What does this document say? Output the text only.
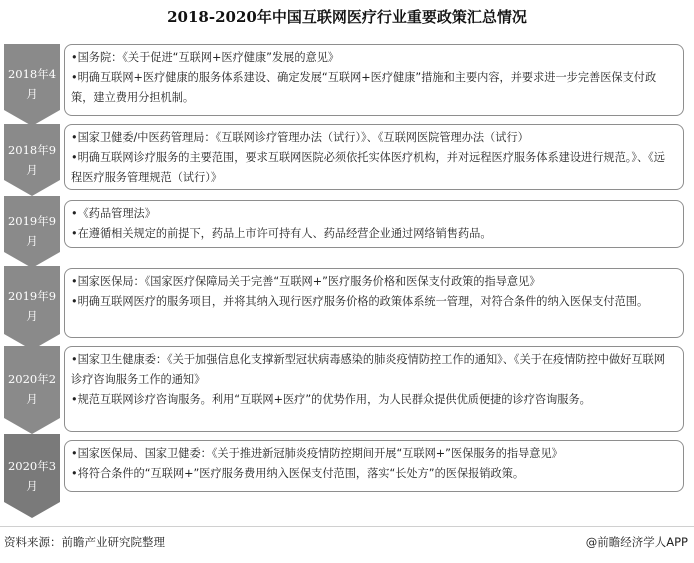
2018-2020年中国互联网医疗行业重要政策汇总情况
2018年4
月
2018年9
月
2019年9
月
2019年9
月
2020年2
月
2020年3
月
•国务院：《关于促进“互联网+医疗健康”发展的意见》
•明确互联网+医疗健康的服务体系建设、确定发展“互联网+医疗健康”措施和主要内容，并要求进一步完善医保支付政策，建立费用分担机制。
•国家卫健委/中医药管理局：《互联网诊疗管理办法（试行）》、《互联网医院管理办法（试行）
•明确互联网诊疗服务的主要范围，要求互联网医院必须依托实体医疗机构，并对远程医疗服务体系建设进行规范。》、《远程医疗服务管理规范（试行）》
•《药品管理法》
•在遵循相关规定的前提下，药品上市许可持有人、药品经营企业通过网络销售药品。
•国家医保局：《国家医疗保障局关于完善“互联网+”医疗服务价格和医保支付政策的指导意见》
•明确互联网医疗的服务项目，并将其纳入现行医疗服务价格的政策体系统一管理，对符合条件的纳入医保支付范围。
•国家卫生健康委：《关于加强信息化支撑新型冠状病毒感染的肺炎疫情防控工作的通知》、《关于在疫情防控中做好互联网诊疗咨询服务工作的通知》
•规范互联网诊疗咨询服务。利用“互联网+医疗”的优势作用，为人民群众提供优质便捷的诊疗咨询服务。
•国家医保局、国家卫健委：《关于推进新冠肺炎疫情防控期间开展“互联网+”医保服务的指导意见》
•将符合条件的“互联网+”医疗服务费用纳入医保支付范围，落实“长处方”的医保报销政策。
资料来源：前瞻产业研究院整理	@前瞻经济学人APP
